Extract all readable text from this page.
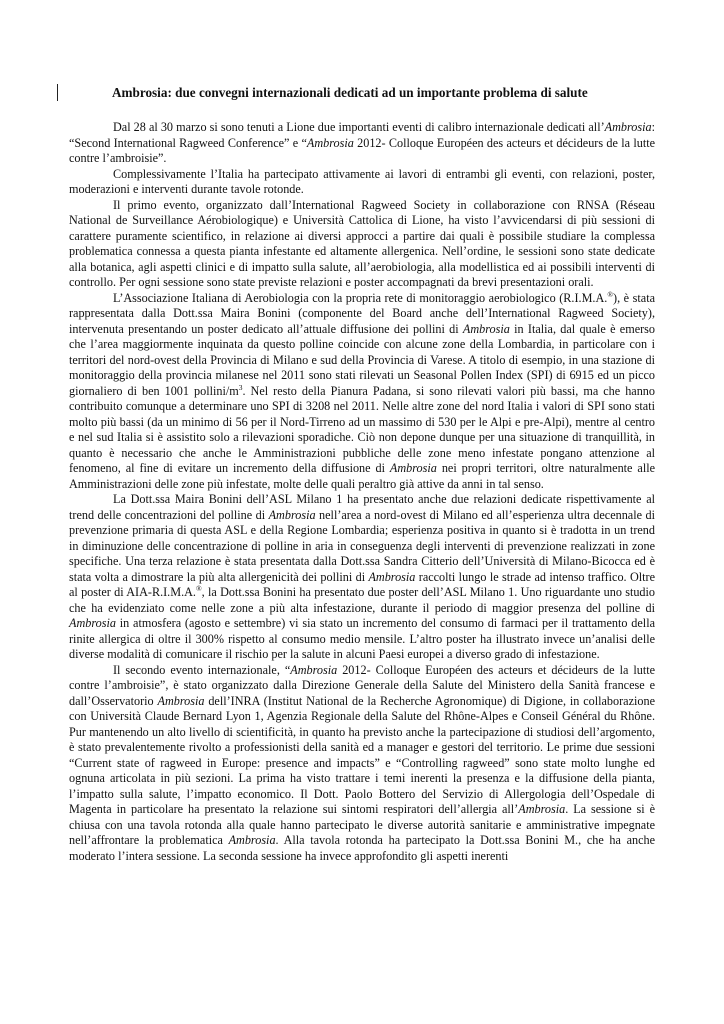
Ambrosia: due convegni internazionali dedicati ad un importante problema di salute

Dal 28 al 30 marzo si sono tenuti a Lione due importanti eventi di calibro internazionale dedicati all’Ambrosia: “Second International Ragweed Conference” e “Ambrosia 2012- Colloque Européen des acteurs et décideurs de la lutte contre l’ambroisie”.

Complessivamente l’Italia ha partecipato attivamente ai lavori di entrambi gli eventi, con relazioni, poster, moderazioni e interventi durante tavole rotonde.

Il primo evento, organizzato dall’International Ragweed Society in collaborazione con RNSA (Réseau National de Surveillance Aérobiologique) e Università Cattolica di Lione, ha visto l’avvicendarsi di più sessioni di carattere puramente scientifico, in relazione ai diversi approcci a partire dai quali è possibile studiare la complessa problematica connessa a questa pianta infestante ed altamente allergenica. Nell’ordine, le sessioni sono state dedicate alla botanica, agli aspetti clinici e di impatto sulla salute, all’aerobiologia, alla modellistica ed ai possibili interventi di controllo. Per ogni sessione sono state previste relazioni e poster accompagnati da brevi presentazioni orali.

L’Associazione Italiana di Aerobiologia con la propria rete di monitoraggio aerobiologico (R.I.M.A.®), è stata rappresentata dalla Dott.ssa Maira Bonini (componente del Board anche dell’International Ragweed Society), intervenuta presentando un poster dedicato all’attuale diffusione dei pollini di Ambrosia in Italia, dal quale è emerso che l’area maggiormente inquinata da questo polline coincide con alcune zone della Lombardia, in particolare con i territori del nord-ovest della Provincia di Milano e sud della Provincia di Varese. A titolo di esempio, in una stazione di monitoraggio della provincia milanese nel 2011 sono stati rilevati un Seasonal Pollen Index (SPI) di 6915 ed un picco giornaliero di ben 1001 pollini/$m^3$. Nel resto della Pianura Padana, si sono rilevati valori più bassi, ma che hanno contribuito comunque a determinare uno SPI di 3208 nel 2011. Nelle altre zone del nord Italia i valori di SPI sono stati molto più bassi (da un minimo di 56 per il Nord-Tirreno ad un massimo di 530 per le Alpi e pre-Alpi), mentre al centro e nel sud Italia si è assistito solo a rilevazioni sporadiche. Ciò non depone dunque per una situazione di tranquillità, in quanto è necessario che anche le Amministrazioni pubbliche delle zone meno infestate pongano attenzione al fenomeno, al fine di evitare un incremento della diffusione di Ambrosia nei propri territori, oltre naturalmente alle Amministrazioni delle zone più infestate, molte delle quali peraltro già attive da anni in tal senso.

La Dott.ssa Maira Bonini dell’ASL Milano 1 ha presentato anche due relazioni dedicate rispettivamente al trend delle concentrazioni del polline di Ambrosia nell’area a nord-ovest di Milano ed all’esperienza ultra decennale di prevenzione primaria di questa ASL e della Regione Lombardia; esperienza positiva in quanto si è tradotta in un trend in diminuzione delle concentrazione di polline in aria in conseguenza degli interventi di prevenzione realizzati in zone specifiche. Una terza relazione è stata presentata dalla Dott.ssa Sandra Citterio dell’Università di Milano-Bicocca ed è stata volta a dimostrare la più alta allergenicità dei pollini di Ambrosia raccolti lungo le strade ad intenso traffico. Oltre al poster di AIA-R.I.M.A.®, la Dott.ssa Bonini ha presentato due poster dell’ASL Milano 1. Uno riguardante uno studio che ha evidenziato come nelle zone a più alta infestazione, durante il periodo di maggior presenza del polline di Ambrosia in atmosfera (agosto e settembre) vi sia stato un incremento del consumo di farmaci per il trattamento della rinite allergica di oltre il 300% rispetto al consumo medio mensile. L’altro poster ha illustrato invece un’analisi delle diverse modalità di comunicare il rischio per la salute in alcuni Paesi europei a diverso grado di infestazione.

Il secondo evento internazionale, “Ambrosia 2012- Colloque Européen des acteurs et décideurs de la lutte contre l’ambroisie”, è stato organizzato dalla Direzione Generale della Salute del Ministero della Sanità francese e dall’Osservatorio Ambrosia dell’INRA (Institut National de la Recherche Agronomique) di Digione, in collaborazione con Università Claude Bernard Lyon 1, Agenzia Regionale della Salute del Rhône-Alpes e Conseil Général du Rhône. Pur mantenendo un alto livello di scientificità, in quanto ha previsto anche la partecipazione di studiosi dell’argomento, è stato prevalentemente rivolto a professionisti della sanità ed a manager e gestori del territorio. Le prime due sessioni “Current state of ragweed in Europe: presence and impacts” e “Controlling ragweed” sono state molto lunghe ed ognuna articolata in più sezioni. La prima ha visto trattare i temi inerenti la presenza e la diffusione della pianta, l’impatto sulla salute, l’impatto economico. Il Dott. Paolo Bottero del Servizio di Allergologia dell’Ospedale di Magenta in particolare ha presentato la relazione sui sintomi respiratori dell’allergia all’Ambrosia. La sessione si è chiusa con una tavola rotonda alla quale hanno partecipato le diverse autorità sanitarie e amministrative impegnate nell’affrontare la problematica Ambrosia. Alla tavola rotonda ha partecipato la Dott.ssa Bonini M., che ha anche moderato l’intera sessione. La seconda sessione ha invece approfondito gli aspetti inerenti
